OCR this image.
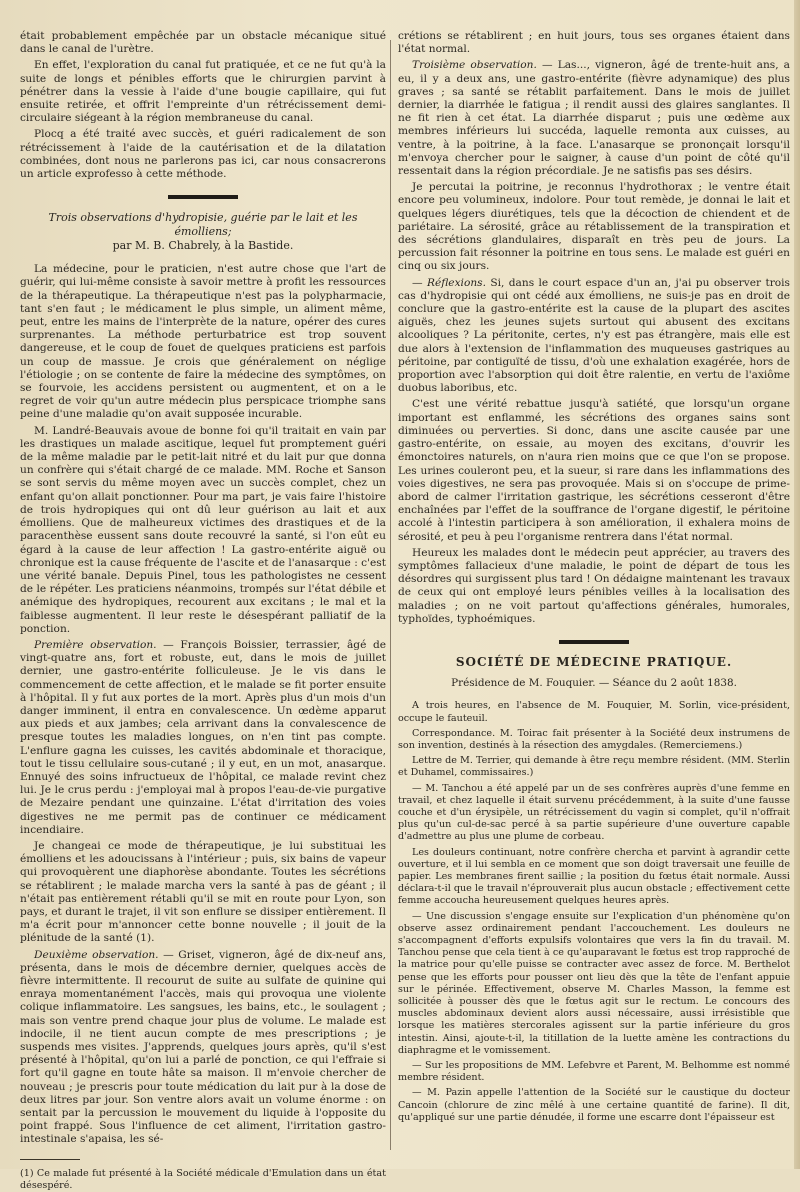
était probablement empêchée par un obstacle mécanique situé dans le canal de l'urètre.

En effet, l'exploration du canal fut pratiquée, et ce ne fut qu'à la suite de longs et pénibles efforts que le chirurgien parvint à pénétrer dans la vessie à l'aide d'une bougie capillaire, qui fut ensuite retirée, et offrit l'empreinte d'un rétrécissement demi-circulaire siégeant à la région membraneuse du canal.

Plocq a été traité avec succès, et guéri radicalement de son rétrécissement à l'aide de la cautérisation et de la dilatation combinées, dont nous ne parlerons pas ici, car nous consacrerons un article exprofesso à cette méthode.

Trois observations d'hydropisie, guérie par le lait et les émolliens;
par M. B. Chabrely, à la Bastide.

La médecine, pour le praticien, n'est autre chose que l'art de guérir, qui lui-même consiste à savoir mettre à profit les ressources de la thérapeutique. La thérapeutique n'est pas la polypharmacie, tant s'en faut ; le médicament le plus simple, un aliment même, peut, entre les mains de l'interprète de la nature, opérer des cures surprenantes. La méthode perturbatrice est trop souvent dangereuse, et le coup de fouet de quelques praticiens est parfois un coup de massue. Je crois que généralement on néglige l'étiologie ; on se contente de faire la médecine des symptômes, on se fourvoie, les accidens persistent ou augmentent, et on a le regret de voir qu'un autre médecin plus perspicace triomphe sans peine d'une maladie qu'on avait supposée incurable.

M. Landré-Beauvais avoue de bonne foi qu'il traitait en vain par les drastiques un malade ascitique, lequel fut promptement guéri de la même maladie par le petit-lait nitré et du lait pur que donna un confrère qui s'était chargé de ce malade. MM. Roche et Sanson se sont servis du même moyen avec un succès complet, chez un enfant qu'on allait ponctionner. Pour ma part, je vais faire l'histoire de trois hydropiques qui ont dû leur guérison au lait et aux émolliens. Que de malheureux victimes des drastiques et de la paracenthèse eussent sans doute recouvré la santé, si l'on eût eu égard à la cause de leur affection ! La gastro-entérite aiguë ou chronique est la cause fréquente de l'ascite et de l'anasarque : c'est une vérité banale. Depuis Pinel, tous les pathologistes ne cessent de le répéter. Les praticiens néanmoins, trompés sur l'état débile et anémique des hydropiques, recourent aux excitans ; le mal et la faiblesse augmentent. Il leur reste le désespérant palliatif de la ponction.

Première observation. — François Boissier, terrassier, âgé de vingt-quatre ans, fort et robuste, eut, dans le mois de juillet dernier, une gastro-entérite folliculeuse. Je le vis dans le commencement de cette affection, et le malade se fit porter ensuite à l'hôpital. Il y fut aux portes de la mort. Après plus d'un mois d'un danger imminent, il entra en convalescence. Un œdème apparut aux pieds et aux jambes; cela arrivant dans la convalescence de presque toutes les maladies longues, on n'en tint pas compte. L'enflure gagna les cuisses, les cavités abdominale et thoracique, tout le tissu cellulaire sous-cutané ; il y eut, en un mot, anasarque. Ennuyé des soins infructueux de l'hôpital, ce malade revint chez lui. Je le crus perdu : j'employai mal à propos l'eau-de-vie purgative de Mezaire pendant une quinzaine. L'état d'irritation des voies digestives ne me permit pas de continuer ce médicament incendiaire.

Je changeai ce mode de thérapeutique, je lui substituai les émolliens et les adoucissans à l'intérieur ; puis, six bains de vapeur qui provoquèrent une diaphorèse abondante. Toutes les sécrétions se rétablirent ; le malade marcha vers la santé à pas de géant ; il n'était pas entièrement rétabli qu'il se mit en route pour Lyon, son pays, et durant le trajet, il vit son enflure se dissiper entièrement. Il m'a écrit pour m'annoncer cette bonne nouvelle ; il jouit de la plénitude de la santé (1).

Deuxième observation. — Griset, vigneron, âgé de dix-neuf ans, présenta, dans le mois de décembre dernier, quelques accès de fièvre intermittente. Il recourut de suite au sulfate de quinine qui enraya momentanément l'accès, mais qui provoqua une violente colique inflammatoire. Les sangsues, les bains, etc., le soulagent ; mais son ventre prend chaque jour plus de volume. Le malade est indocile, il ne tient aucun compte de mes prescriptions ; je suspends mes visites. J'apprends, quelques jours après, qu'il s'est présenté à l'hôpital, qu'on lui a parlé de ponction, ce qui l'effraie si fort qu'il gagne en toute hâte sa maison. Il m'envoie chercher de nouveau ; je prescris pour toute médication du lait pur à la dose de deux litres par jour. Son ventre alors avait un volume énorme : on sentait par la percussion le mouvement du liquide à l'opposite du point frappé. Sous l'influence de cet aliment, l'irritation gastro-intestinale s'apaisa, les sé-

(1) Ce malade fut présenté à la Société médicale d'Emulation dans un état désespéré.

crétions se rétablirent ; en huit jours, tous ses organes étaient dans l'état normal.

Troisième observation. — Las..., vigneron, âgé de trente-huit ans, a eu, il y a deux ans, une gastro-entérite (fièvre adynamique) des plus graves ; sa santé se rétablit parfaitement. Dans le mois de juillet dernier, la diarrhée le fatigua ; il rendit aussi des glaires sanglantes. Il ne fit rien à cet état. La diarrhée disparut ; puis une œdème aux membres inférieurs lui succéda, laquelle remonta aux cuisses, au ventre, à la poitrine, à la face. L'anasarque se prononçait lorsqu'il m'envoya chercher pour le saigner, à cause d'un point de côté qu'il ressentait dans la région précordiale. Je ne satisfis pas ses désirs.

Je percutai la poitrine, je reconnus l'hydrothorax ; le ventre était encore peu volumineux, indolore. Pour tout remède, je donnai le lait et quelques légers diurétiques, tels que la décoction de chiendent et de pariétaire. La sérosité, grâce au rétablissement de la transpiration et des sécrétions glandulaires, disparaît en très peu de jours. La percussion fait résonner la poitrine en tous sens. Le malade est guéri en cinq ou six jours.

— Réflexions. Si, dans le court espace d'un an, j'ai pu observer trois cas d'hydropisie qui ont cédé aux émolliens, ne suis-je pas en droit de conclure que la gastro-entérite est la cause de la plupart des ascites aiguës, chez les jeunes sujets surtout qui abusent des excitans alcooliques ? La péritonite, certes, n'y est pas étrangère, mais elle est due alors à l'extension de l'inflammation des muqueuses gastriques au péritoine, par contiguïté de tissu, d'où une exhalation exagérée, hors de proportion avec l'absorption qui doit être ralentie, en vertu de l'axiôme duobus laboribus, etc.

C'est une vérité rebattue jusqu'à satiété, que lorsqu'un organe important est enflammé, les sécrétions des organes sains sont diminuées ou perverties. Si donc, dans une ascite causée par une gastro-entérite, on essaie, au moyen des excitans, d'ouvrir les émonctoires naturels, on n'aura rien moins que ce que l'on se propose. Les urines couleront peu, et la sueur, si rare dans les inflammations des voies digestives, ne sera pas provoquée. Mais si on s'occupe de prime-abord de calmer l'irritation gastrique, les sécrétions cesseront d'être enchaînées par l'effet de la souffrance de l'organe digestif, le péritoine accolé à l'intestin participera à son amélioration, il exhalera moins de sérosité, et peu à peu l'organisme rentrera dans l'état normal.

Heureux les malades dont le médecin peut apprécier, au travers des symptômes fallacieux d'une maladie, le point de départ de tous les désordres qui surgissent plus tard ! On dédaigne maintenant les travaux de ceux qui ont employé leurs pénibles veilles à la localisation des maladies ; on ne voit partout qu'affections générales, humorales, typhoïdes, typhoémiques.

SOCIÉTÉ DE MÉDECINE PRATIQUE.

Présidence de M. Fouquier. — Séance du 2 août 1838.

A trois heures, en l'absence de M. Fouquier, M. Sorlin, vice-président, occupe le fauteuil.

Correspondance. M. Toirac fait présenter à la Société deux instrumens de son invention, destinés à la résection des amygdales. (Remerciemens.)

Lettre de M. Terrier, qui demande à être reçu membre résident. (MM. Sterlin et Duhamel, commissaires.)

— M. Tanchou a été appelé par un de ses confrères auprès d'une femme en travail, et chez laquelle il était survenu précédemment, à la suite d'une fausse couche et d'un érysipèle, un rétrécissement du vagin si complet, qu'il n'offrait plus qu'un cul-de-sac percé à sa partie supérieure d'une ouverture capable d'admettre au plus une plume de corbeau.

Les douleurs continuant, notre confrère chercha et parvint à agrandir cette ouverture, et il lui sembla en ce moment que son doigt traversait une feuille de papier. Les membranes firent saillie ; la position du fœtus était normale. Aussi déclara-t-il que le travail n'éprouverait plus aucun obstacle ; effectivement cette femme accoucha heureusement quelques heures après.

— Une discussion s'engage ensuite sur l'explication d'un phénomène qu'on observe assez ordinairement pendant l'accouchement. Les douleurs ne s'accompagnent d'efforts expulsifs volontaires que vers la fin du travail. M. Tanchou pense que cela tient à ce qu'auparavant le fœtus est trop rapproché de la matrice pour qu'elle puisse se contracter avec assez de force. M. Berthelot pense que les efforts pour pousser ont lieu dès que la tête de l'enfant appuie sur le périnée. Effectivement, observe M. Charles Masson, la femme est sollicitée à pousser dès que le fœtus agit sur le rectum. Le concours des muscles abdominaux devient alors aussi nécessaire, aussi irrésistible que lorsque les matières stercorales agissent sur la partie inférieure du gros intestin. Ainsi, ajoute-t-il, la titillation de la luette amène les contractions du diaphragme et le vomissement.

— Sur les propositions de MM. Lefebvre et Parent, M. Belhomme est nommé membre résident.

— M. Pazin appelle l'attention de la Société sur le caustique du docteur Cancoin (chlorure de zinc mêlé à une certaine quantité de farine). Il dit, qu'appliqué sur une partie dénudée, il forme une escarre dont l'épaisseur est
